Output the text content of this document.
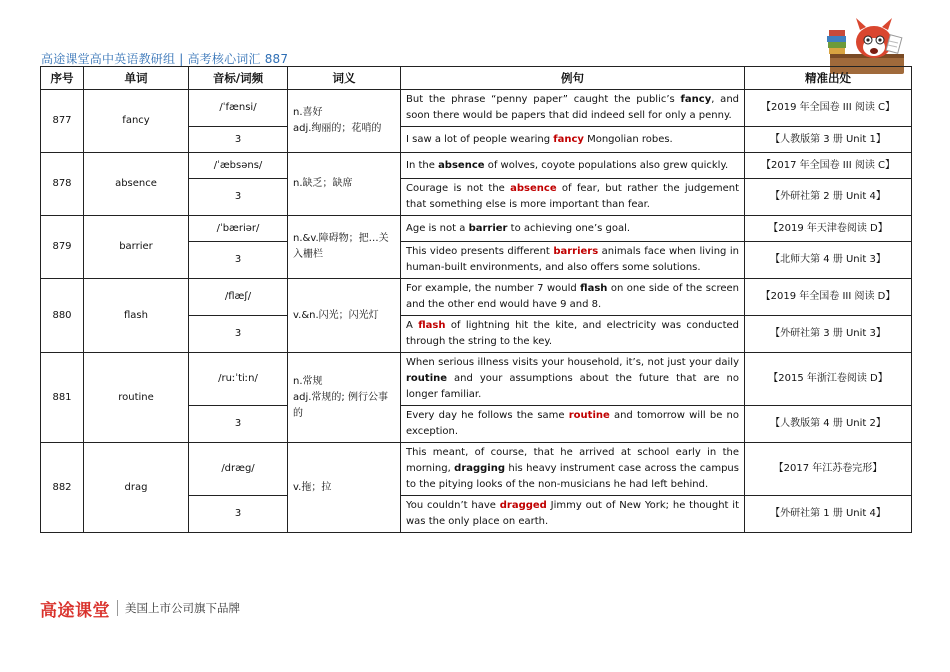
高途课堂高中英语教研组 | 高考核心词汇 887
序号	单词	音标/词频	词义	例句	精准出处
877	fancy	/ˈfænsi/	n.喜好
adj.绚丽的；花哨的	But the phrase “penny paper” caught the public’s fancy, and soon there would be papers that did indeed sell for only a penny.	【2019 年全国卷 III 阅读 C】
		3		I saw a lot of people wearing fancy Mongolian robes.	【人教版第 3 册 Unit 1】
878	absence	/ˈæbsəns/	n.缺乏；缺席	In the absence of wolves, coyote populations also grew quickly.	【2017 年全国卷 III 阅读 C】
		3		Courage is not the absence of fear, but rather the judgement that something else is more important than fear.	【外研社第 2 册 Unit 4】
879	barrier	/ˈbæriər/	n.&v.障碍物；把…关入栅栏	Age is not a barrier to achieving one’s goal.	【2019 年天津卷阅读 D】
		3		This video presents different barriers animals face when living in human-built environments, and also offers some solutions.	【北师大第 4 册 Unit 3】
880	flash	/flæʃ/	v.&n.闪光；闪光灯	For example, the number 7 would flash on one side of the screen and the other end would have 9 and 8.	【2019 年全国卷 III 阅读 D】
		3		A flash of lightning hit the kite, and electricity was conducted through the string to the key.	【外研社第 3 册 Unit 3】
881	routine	/ruːˈtiːn/	n.常规
adj.常规的; 例行公事的	When serious illness visits your household, it’s, not just your daily routine and your assumptions about the future that are no longer familiar.	【2015 年浙江卷阅读 D】
		3		Every day he follows the same routine and tomorrow will be no exception.	【人教版第 4 册 Unit 2】
882	drag	/dræg/	v.拖；拉	This meant, of course, that he arrived at school early in the morning, dragging his heavy instrument case across the campus to the pitying looks of the non-musicians he had left behind.	【2017 年江苏卷完形】
		3		You couldn’t have dragged Jimmy out of New York; he thought it was the only place on earth.	【外研社第 1 册 Unit 4】
高途课堂 美国上市公司旗下品牌
